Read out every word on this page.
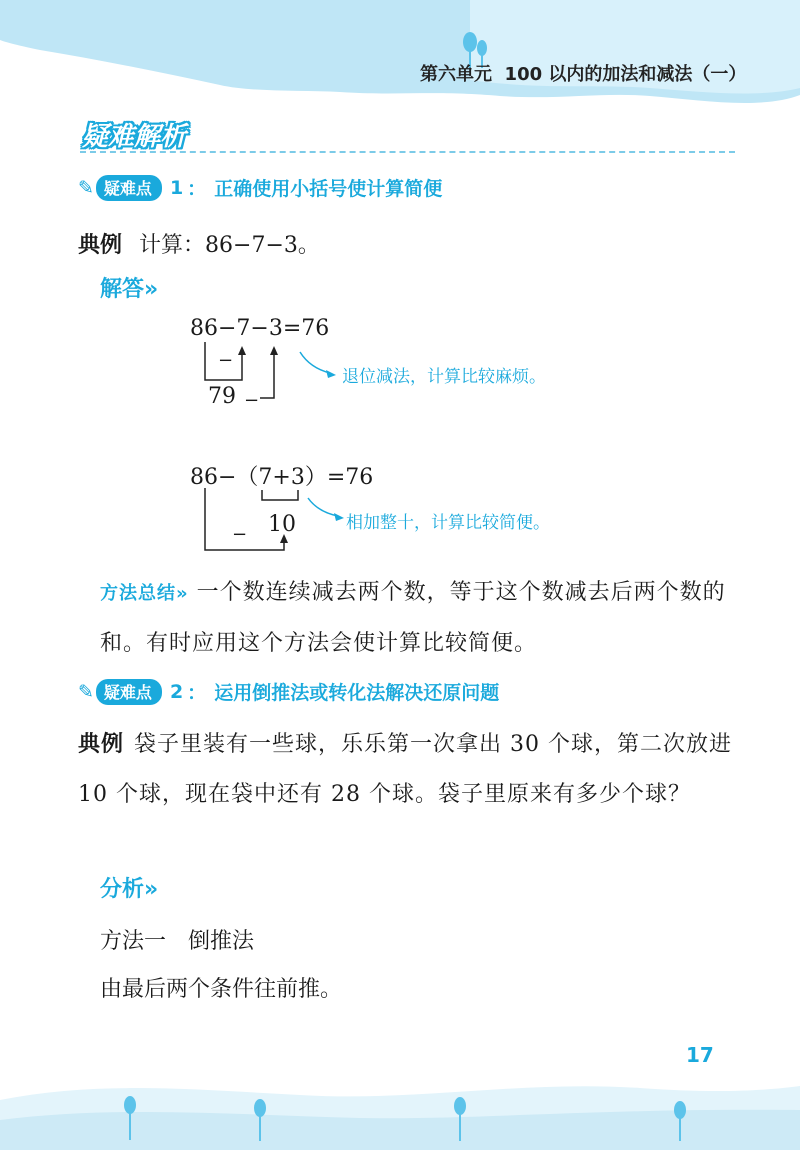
第六单元 100 以内的加法和减法（一）
疑难解析
✎ 疑难点 1 ： 正确使用小括号使计算简便
典例 计算：86−7−3。
解答»
86−7−3=76
−
79 −
退位减法，计算比较麻烦。
86−（7+3）=76
10
−
相加整十，计算比较简便。
方法总结» 一个数连续减去两个数，等于这个数减去后两个数的和。有时应用这个方法会使计算比较简便。
✎ 疑难点 2 ： 运用倒推法或转化法解决还原问题
典例 袋子里装有一些球，乐乐第一次拿出 30 个球，第二次放进 10 个球，现在袋中还有 28 个球。袋子里原来有多少个球？
分析»
方法一　倒推法
由最后两个条件往前推。
17
